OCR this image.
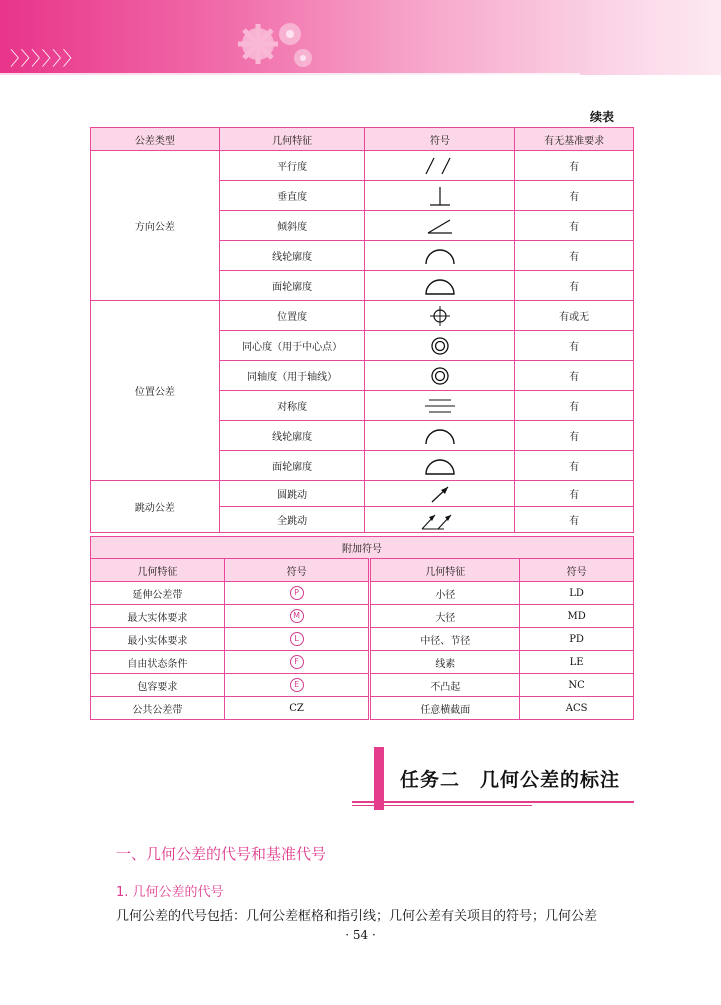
〉〉〉〉〉〉
续表
公差类型	几何特征	符号	有无基准要求
方向公差	平行度		有
	垂直度		有
	倾斜度		有
	线轮廓度		有
	面轮廓度		有
位置公差	位置度		有或无
	同心度（用于中心点）		有
	同轴度（用于轴线）		有
	对称度		有
	线轮廓度		有
	面轮廓度		有
跳动公差	圆跳动		有
	全跳动		有
附加符号			
几何特征	符号	几何特征	符号
延伸公差带	P	小径	LD
最大实体要求	M	大径	MD
最小实体要求	L	中径、节径	PD
自由状态条件	F	线素	LE
包容要求	E	不凸起	NC
公共公差带	CZ	任意横截面	ACS
任务二　几何公差的标注
一、几何公差的代号和基准代号
1. 几何公差的代号
几何公差的代号包括：几何公差框格和指引线；几何公差有关项目的符号；几何公差
· 54 ·
